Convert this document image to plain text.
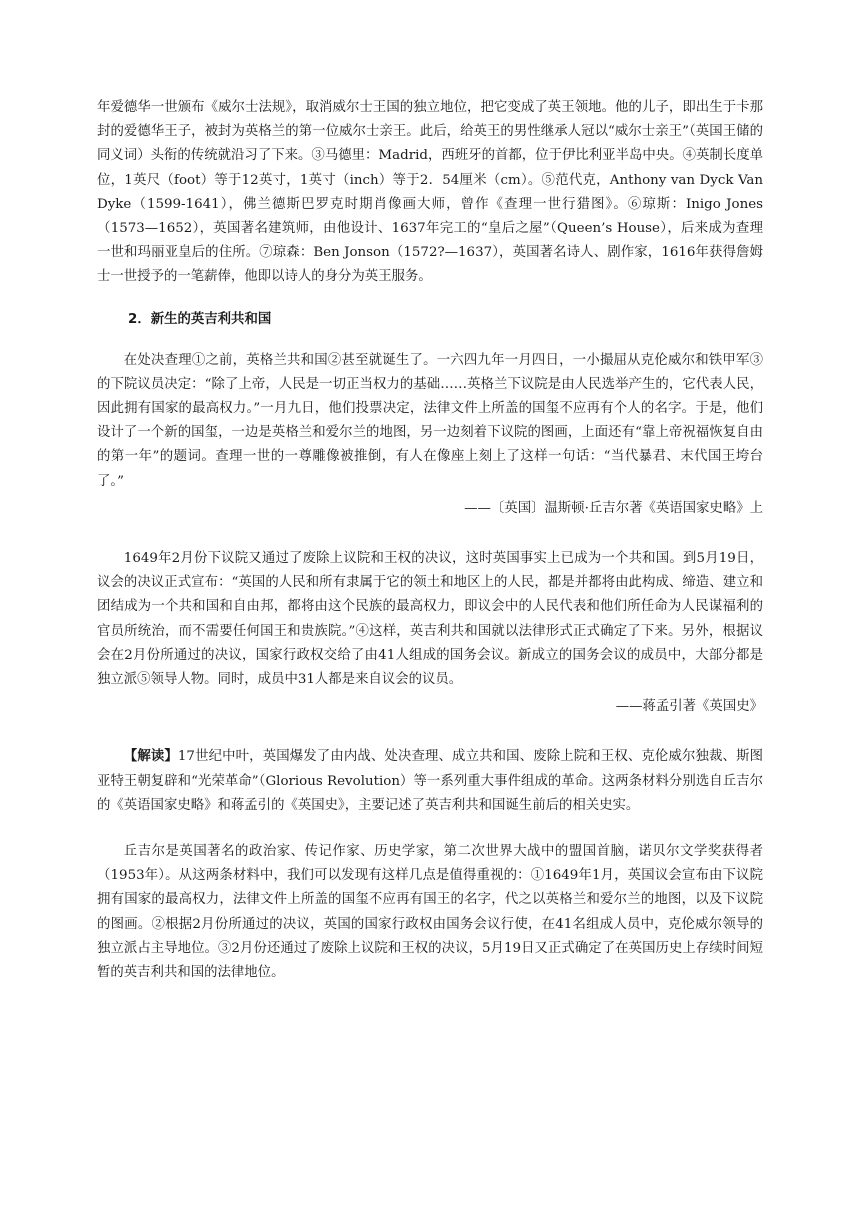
年爱德华一世颁布《威尔士法规》，取消威尔士王国的独立地位，把它变成了英王领地。他的儿子，即出生于卡那封的爱德华王子，被封为英格兰的第一位威尔士亲王。此后，给英王的男性继承人冠以“威尔士亲王”（英国王储的同义词）头衔的传统就沿习了下来。③马德里：Madrid，西班牙的首都，位于伊比利亚半岛中央。④英制长度单位，1英尺（foot）等于12英寸，1英寸（inch）等于2．54厘米（cm）。⑤范代克，Anthony van Dyck Van Dyke（1599-1641），佛兰德斯巴罗克时期肖像画大师，曾作《查理一世行猎图》。⑥琼斯：Inigo Jones（1573—1652），英国著名建筑师，由他设计、1637年完工的“皇后之屋”（Queen’s House），后来成为查理一世和玛丽亚皇后的住所。⑦琼森：Ben Jonson（1572?—1637），英国著名诗人、剧作家，1616年获得詹姆士一世授予的一笔薪俸，他即以诗人的身分为英王服务。

2．新生的英吉利共和国

在处决查理①之前，英格兰共和国②甚至就诞生了。一六四九年一月四日，一小撮屈从克伦威尔和铁甲军③的下院议员决定：“除了上帝，人民是一切正当权力的基础……英格兰下议院是由人民选举产生的，它代表人民，因此拥有国家的最高权力。”一月九日，他们投票决定，法律文件上所盖的国玺不应再有个人的名字。于是，他们设计了一个新的国玺，一边是英格兰和爱尔兰的地图，另一边刻着下议院的图画，上面还有“靠上帝祝福恢复自由的第一年”的题词。查理一世的一尊雕像被推倒，有人在像座上刻上了这样一句话：“当代暴君、末代国王垮台了。”

——〔英国〕温斯顿·丘吉尔著《英语国家史略》上

1649年2月份下议院又通过了废除上议院和王权的决议，这时英国事实上已成为一个共和国。到5月19日，议会的决议正式宣布：“英国的人民和所有隶属于它的领土和地区上的人民，都是并都将由此构成、缔造、建立和团结成为一个共和国和自由邦，都将由这个民族的最高权力，即议会中的人民代表和他们所任命为人民谋福利的官员所统治，而不需要任何国王和贵族院。”④这样，英吉利共和国就以法律形式正式确定了下来。另外，根据议会在2月份所通过的决议，国家行政权交给了由41人组成的国务会议。新成立的国务会议的成员中，大部分都是独立派⑤领导人物。同时，成员中31人都是来自议会的议员。

——蒋孟引著《英国史》

【解读】17世纪中叶，英国爆发了由内战、处决查理、成立共和国、废除上院和王权、克伦威尔独裁、斯图亚特王朝复辟和“光荣革命”（Glorious Revolution）等一系列重大事件组成的革命。这两条材料分别选自丘吉尔的《英语国家史略》和蒋孟引的《英国史》，主要记述了英吉利共和国诞生前后的相关史实。

丘吉尔是英国著名的政治家、传记作家、历史学家，第二次世界大战中的盟国首脑，诺贝尔文学奖获得者（1953年）。从这两条材料中，我们可以发现有这样几点是值得重视的：①1649年1月，英国议会宣布由下议院拥有国家的最高权力，法律文件上所盖的国玺不应再有国王的名字，代之以英格兰和爱尔兰的地图，以及下议院的图画。②根据2月份所通过的决议，英国的国家行政权由国务会议行使，在41名组成人员中，克伦威尔领导的独立派占主导地位。③2月份还通过了废除上议院和王权的决议，5月19日又正式确定了在英国历史上存续时间短暂的英吉利共和国的法律地位。
